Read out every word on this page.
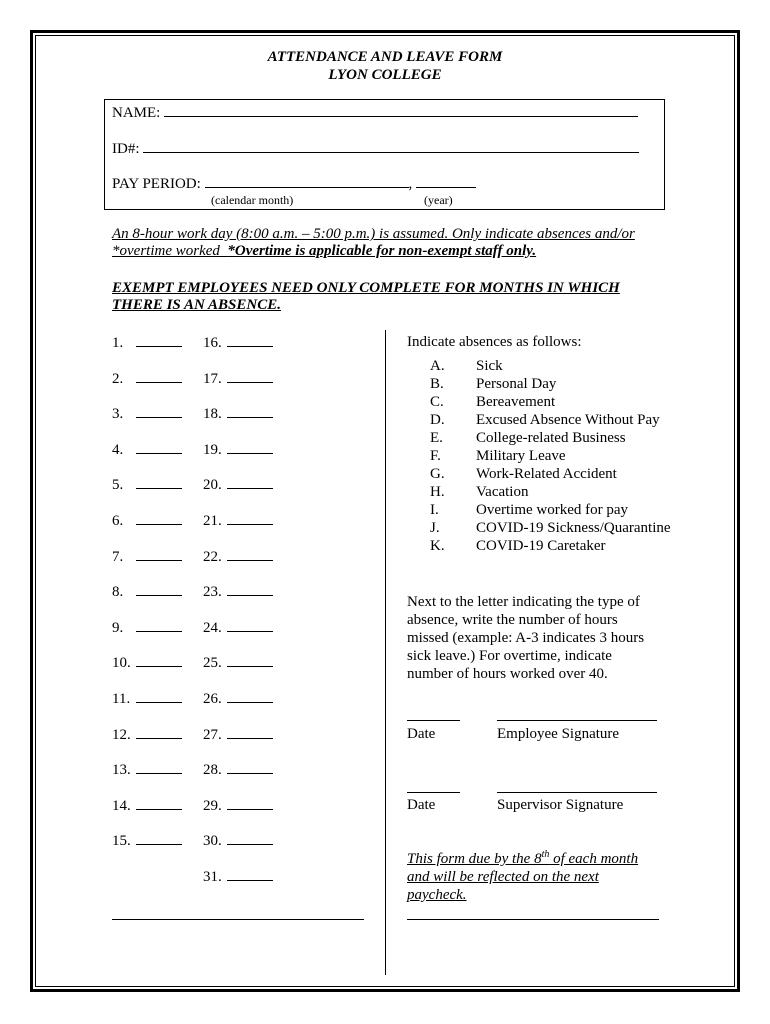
ATTENDANCE AND LEAVE FORM
LYON COLLEGE
NAME:
ID#:
PAY PERIOD:	,
(calendar month)	(year)
An 8-hour work day (8:00 a.m. – 5:00 p.m.) is assumed. Only indicate absences and/or
*overtime worked  *Overtime is applicable for non-exempt staff only.
EXEMPT EMPLOYEES NEED ONLY COMPLETE FOR MONTHS IN WHICH THERE IS AN ABSENCE.
1.
2.
3.
4.
5.
6.
7.
8.
9.
10.
11.
12.
13.
14.
15.
16.
17.
18.
19.
20.
21.
22.
23.
24.
25.
26.
27.
28.
29.
30.
31.
Indicate absences as follows:
A. Sick
B. Personal Day
C. Bereavement
D. Excused Absence Without Pay
E. College-related Business
F. Military Leave
G. Work-Related Accident
H. Vacation
I. Overtime worked for pay
J. COVID-19 Sickness/Quarantine
K. COVID-19 Caretaker
Next to the letter indicating the type of
absence, write the number of hours
missed (example: A-3 indicates 3 hours
sick leave.) For overtime, indicate
number of hours worked over 40.
Date	Employee Signature
Date	Supervisor Signature
This form due by the 8th of each month and will be reflected on the next paycheck.
